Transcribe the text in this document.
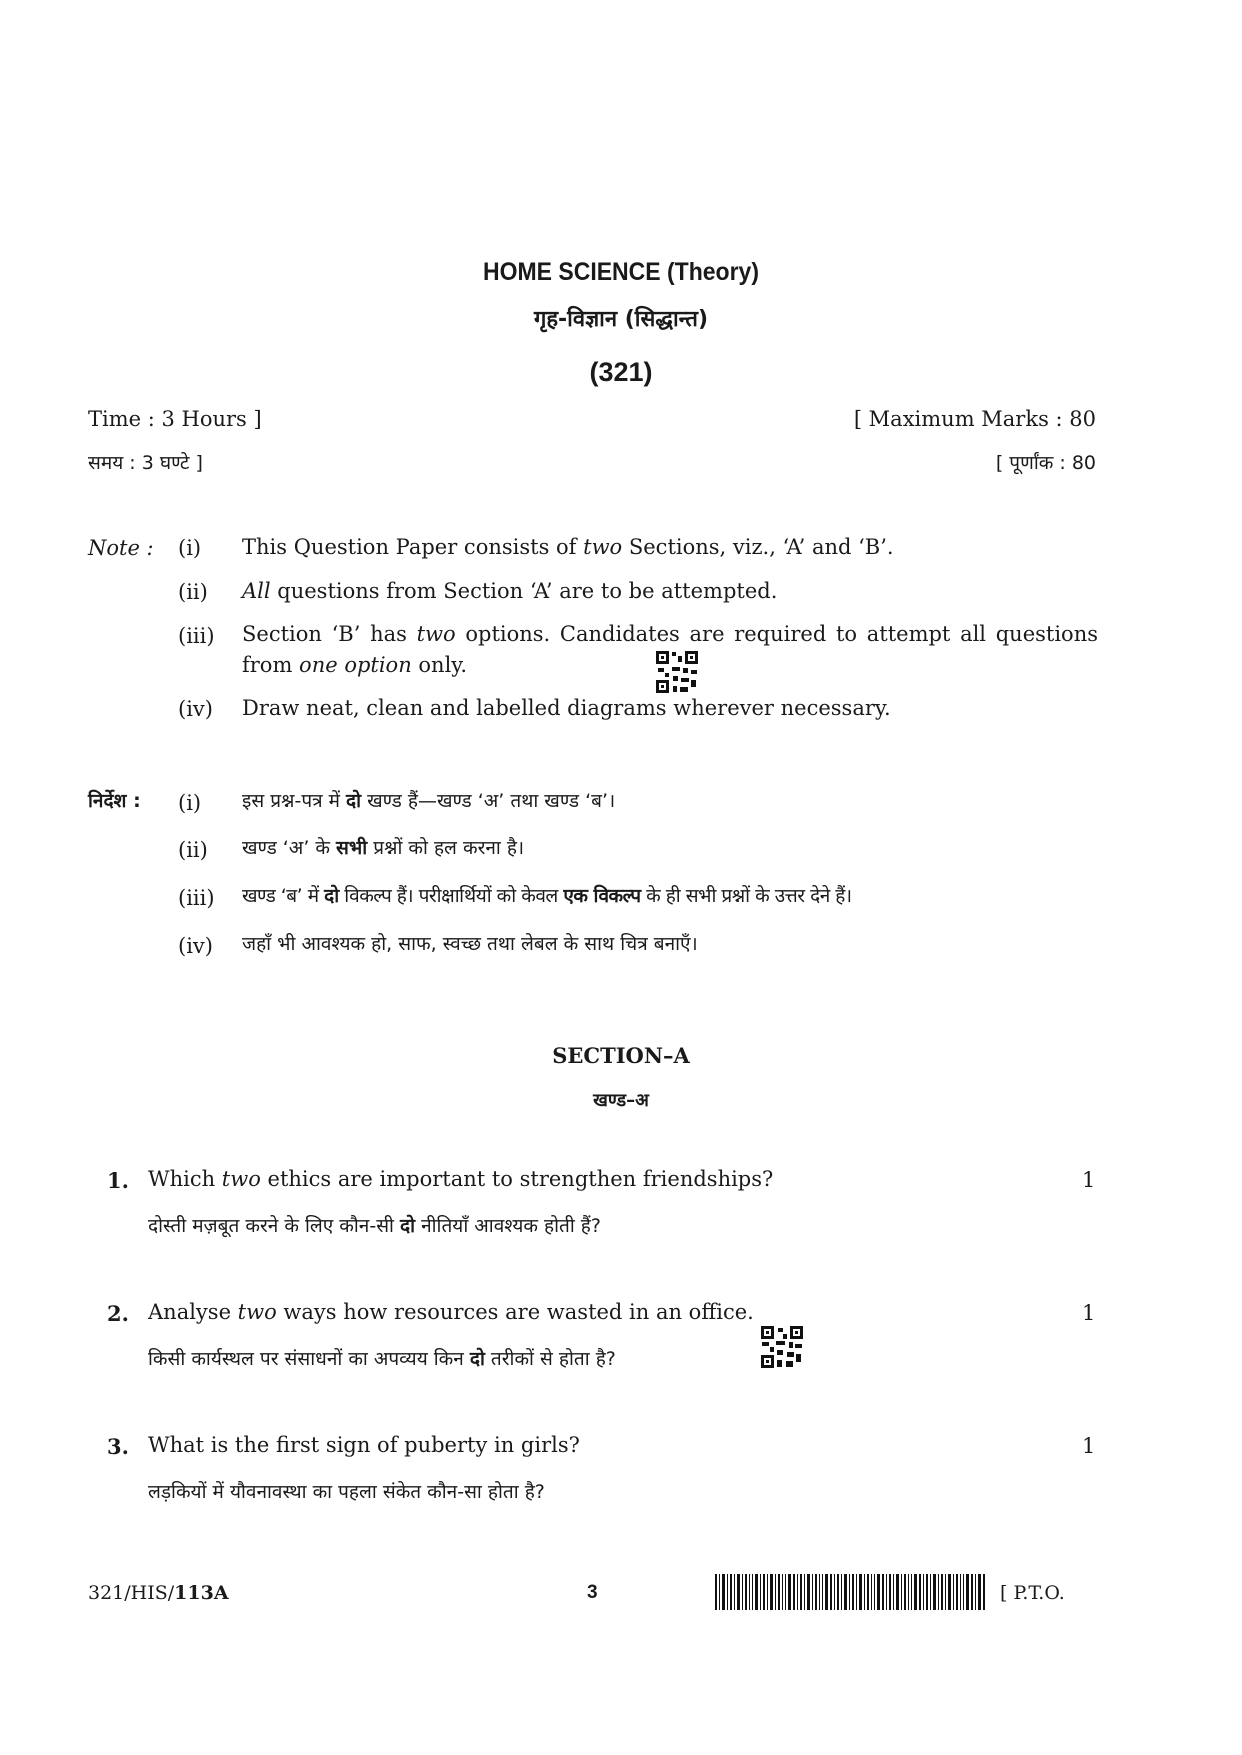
HOME SCIENCE (Theory)
गृह-विज्ञान (सिद्धान्त)
(321)
Time : 3 Hours ]	[ Maximum Marks : 80
समय : 3 घण्टे ]	[ पूर्णांक : 80
Note : (i) This Question Paper consists of two Sections, viz., ‘A’ and ‘B’.
(ii) All questions from Section ‘A’ are to be attempted.
(iii) Section ‘B’ has two options. Candidates are required to attempt all questions from one option only.
(iv) Draw neat, clean and labelled diagrams wherever necessary.
निर्देश : (i) इस प्रश्न-पत्र में दो खण्ड हैं—खण्ड ‘अ’ तथा खण्ड ‘ब’।
(ii) खण्ड ‘अ’ के सभी प्रश्नों को हल करना है।
(iii) खण्ड ‘ब’ में दो विकल्प हैं। परीक्षार्थियों को केवल एक विकल्प के ही सभी प्रश्नों के उत्तर देने हैं।
(iv) जहाँ भी आवश्यक हो, साफ, स्वच्छ तथा लेबल के साथ चित्र बनाएँ।
SECTION–A
खण्ड–अ
1. Which two ethics are important to strengthen friendships?
दोस्ती मज़बूत करने के लिए कौन-सी दो नीतियाँ आवश्यक होती हैं?
1
2. Analyse two ways how resources are wasted in an office.
किसी कार्यस्थल पर संसाधनों का अपव्यय किन दो तरीकों से होता है?
1
3. What is the first sign of puberty in girls?
लड़कियों में यौवनावस्था का पहला संकेत कौन-सा होता है?
1
321/HIS/113A	3	[ P.T.O.
